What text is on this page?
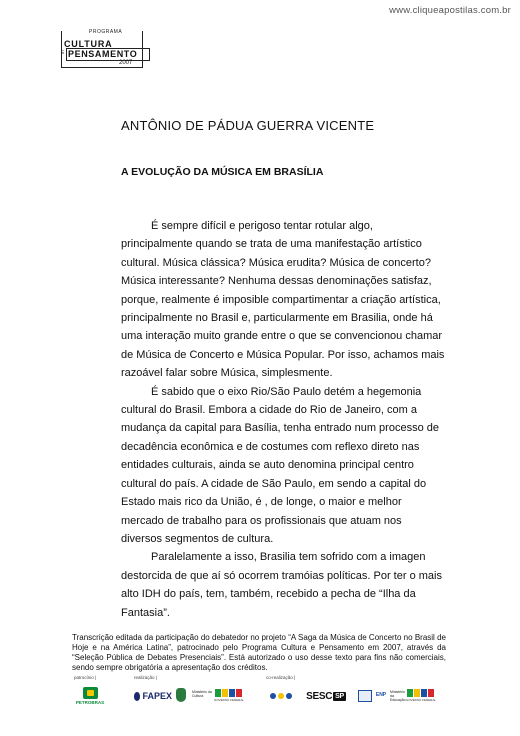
www.cliqueapostilas.com.br
PROGRAMA
CULTURA
E PENSAMENTO
2007
ANTÔNIO DE PÁDUA GUERRA VICENTE
A EVOLUÇÃO DA MÚSICA EM BRASÍLIA

É sempre difícil e perigoso tentar rotular algo, principalmente quando se trata de uma manifestação artístico cultural. Música clássica? Música erudita? Música de concerto? Música interessante? Nenhuma dessas denominações satisfaz, porque, realmente é imposible compartimentar a criação artística, principalmente no Brasil e, particularmente em Brasilia, onde há uma interação muito grande entre o que se convencionou chamar de Música de Concerto e Música Popular. Por isso, achamos mais razoável falar sobre Música, simplesmente.

É sabido que o eixo Rio/São Paulo detém a hegemonia cultural do Brasil. Embora a cidade do Rio de Janeiro, com a mudança da capital para Basília, tenha entrado num processo de decadência econômica e de costumes com reflexo direto nas entidades culturais, ainda se auto denomina principal centro cultural do país. A cidade de São Paulo, em sendo a capital do Estado mais rico da União, é , de longe, o maior e melhor mercado de trabalho para os profissionais que atuam nos diversos segmentos de cultura.

Paralelamente a isso, Brasilia tem sofrido com a imagen destorcida de que aí só ocorrem tramóias políticas. Por ter o mais alto IDH do país, tem, também, recebido a pecha de “Ilha da Fantasia”.

Transcrição editada da participação do debatedor no projeto “A Saga da Música de Concerto no Brasil de Hoje e na América Latina”, patrocinado pelo Programa Cultura e Pensamento em 2007, através da “Seleção Pública de Debates Presenciais”. Está autorizado o uso desse texto para fins não comerciais, sendo sempre obrigatória a apresentação dos créditos.
patrocínio |	realização |	co-realização |
PETROBRAS
FAPEX	Ministério da Cultura
GOVERNO FEDERAL	SESC SP	ENP	Ministério da Educação GOVERNO FEDERAL
